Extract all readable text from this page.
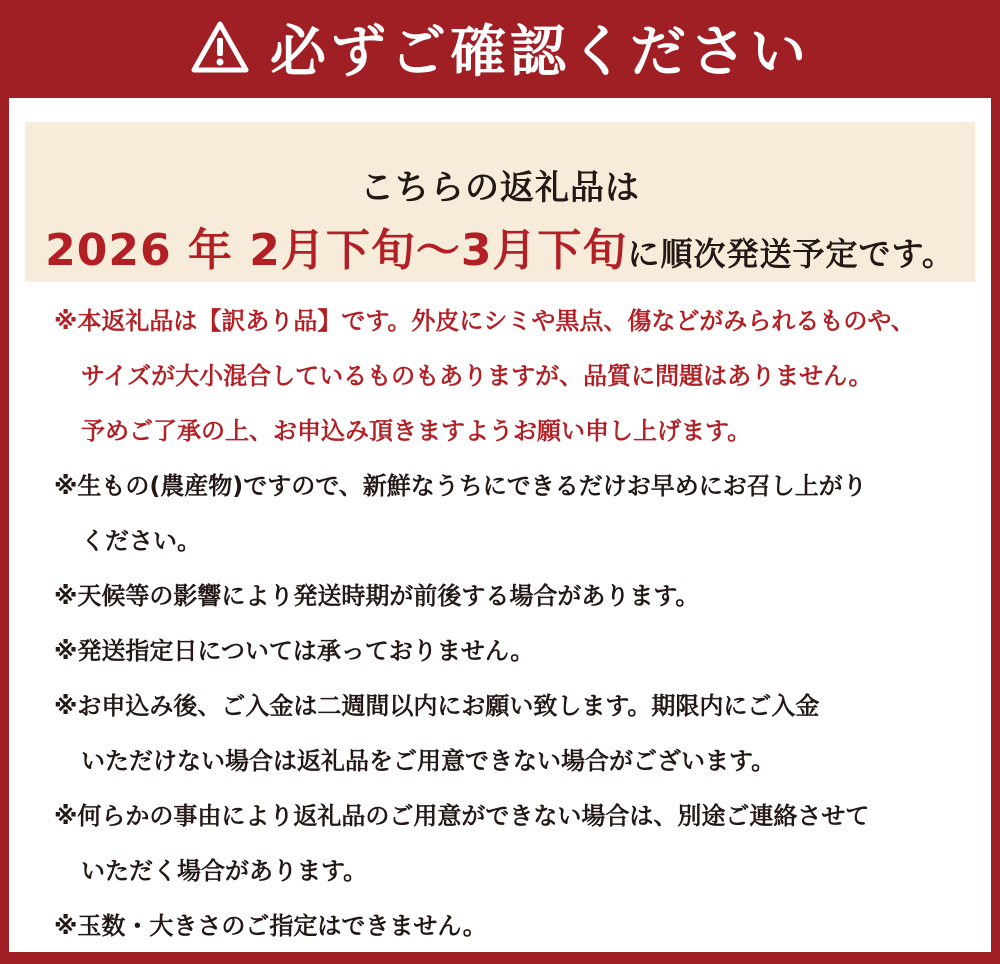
必ずご確認ください
こちらの返礼品は
2026 年 2月下旬～3月下旬に順次発送予定です。
※本返礼品は【訳あり品】です。外皮にシミや黒点、傷などがみられるものや、
サイズが大小混合しているものもありますが、品質に問題はありません。
予めご了承の上、お申込み頂きますようお願い申し上げます。
※生もの(農産物)ですので、新鮮なうちにできるだけお早めにお召し上がり
ください。
※天候等の影響により発送時期が前後する場合があります。
※発送指定日については承っておりません。
※お申込み後、ご入金は二週間以内にお願い致します。期限内にご入金
いただけない場合は返礼品をご用意できない場合がございます。
※何らかの事由により返礼品のご用意ができない場合は、別途ご連絡させて
いただく場合があります。
※玉数・大きさのご指定はできません。
